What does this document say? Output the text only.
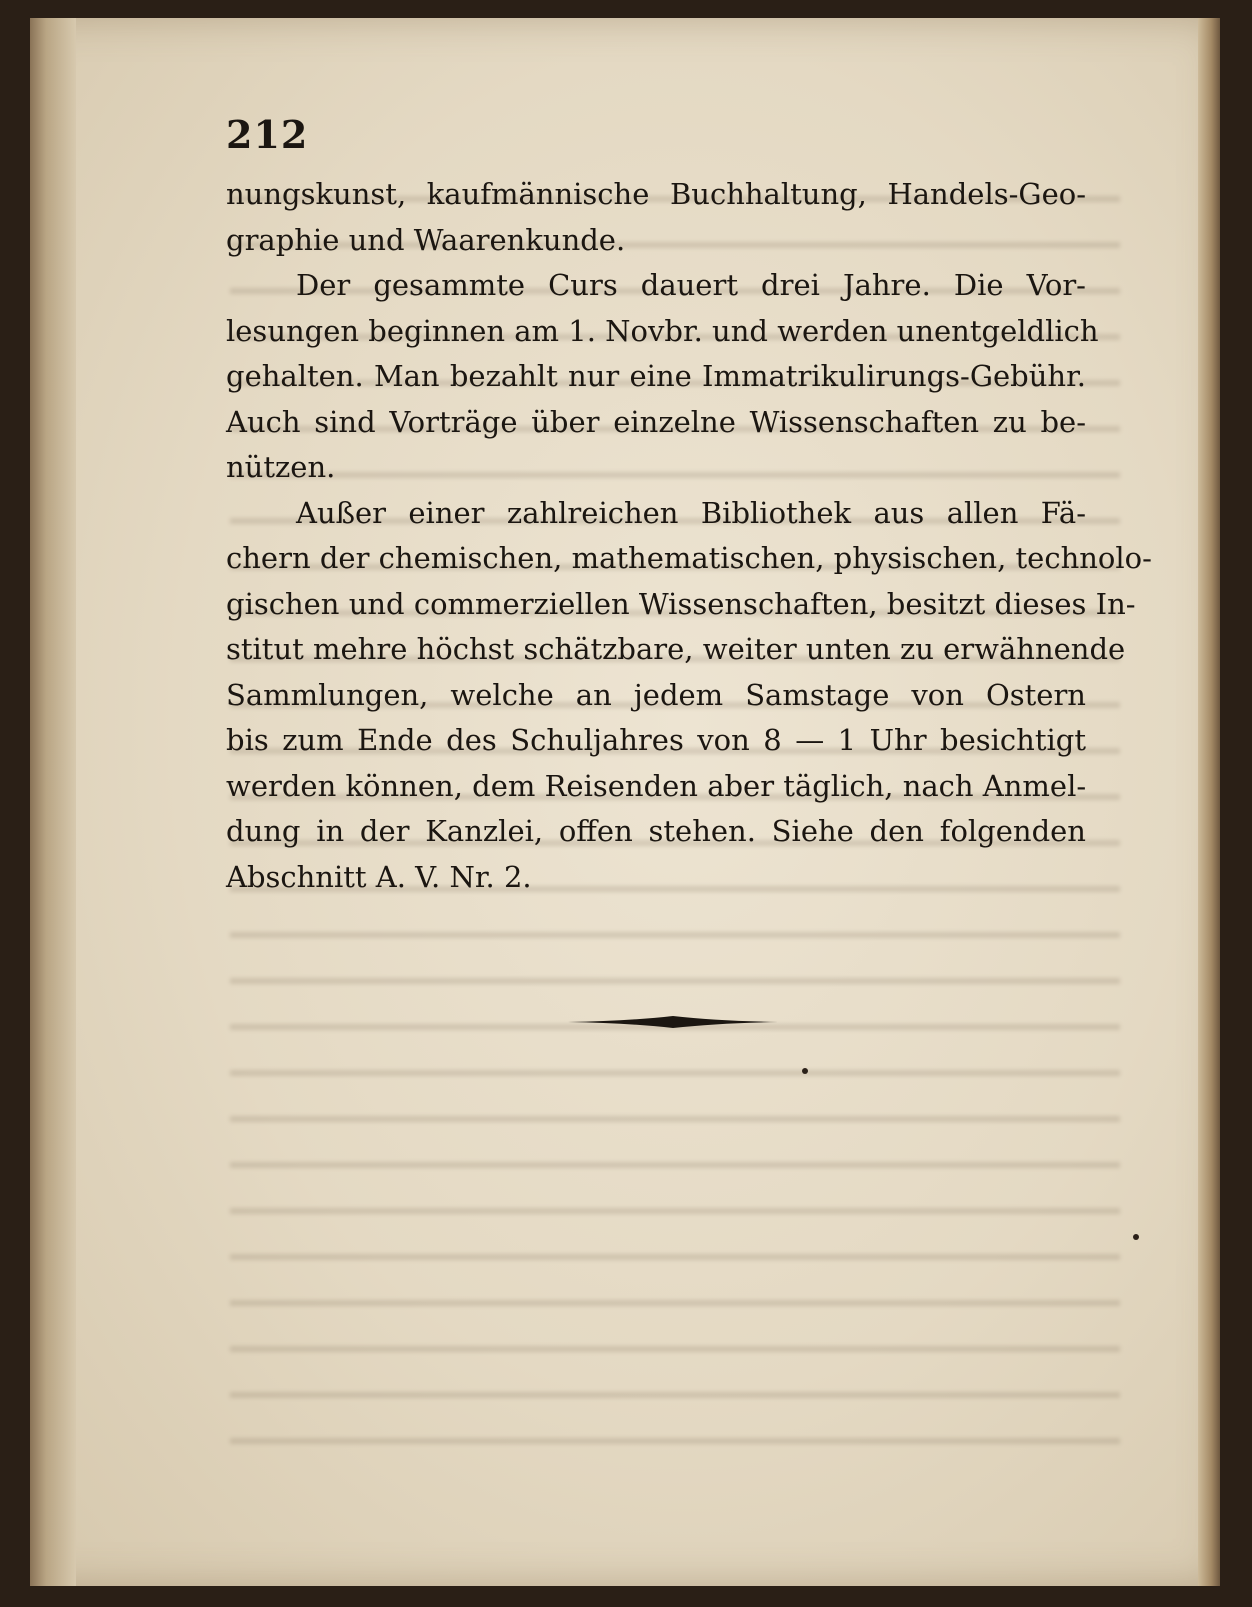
212
nungskunst, kaufmännische Buchhaltung, Handels-Geo-
graphie und Waarenkunde.
Der gesammte Curs dauert drei Jahre. Die Vor-
lesungen beginnen am 1. Novbr. und werden unentgeldlich
gehalten. Man bezahlt nur eine Immatrikulirungs-Gebühr.
Auch sind Vorträge über einzelne Wissenschaften zu be-
nützen.
Außer einer zahlreichen Bibliothek aus allen Fä-
chern der chemischen, mathematischen, physischen, technolo-
gischen und commerziellen Wissenschaften, besitzt dieses In-
stitut mehre höchst schätzbare, weiter unten zu erwähnende
Sammlungen, welche an jedem Samstage von Ostern
bis zum Ende des Schuljahres von 8 — 1 Uhr besichtigt
werden können, dem Reisenden aber täglich, nach Anmel-
dung in der Kanzlei, offen stehen. Siehe den folgenden
Abschnitt A. V. Nr. 2.
